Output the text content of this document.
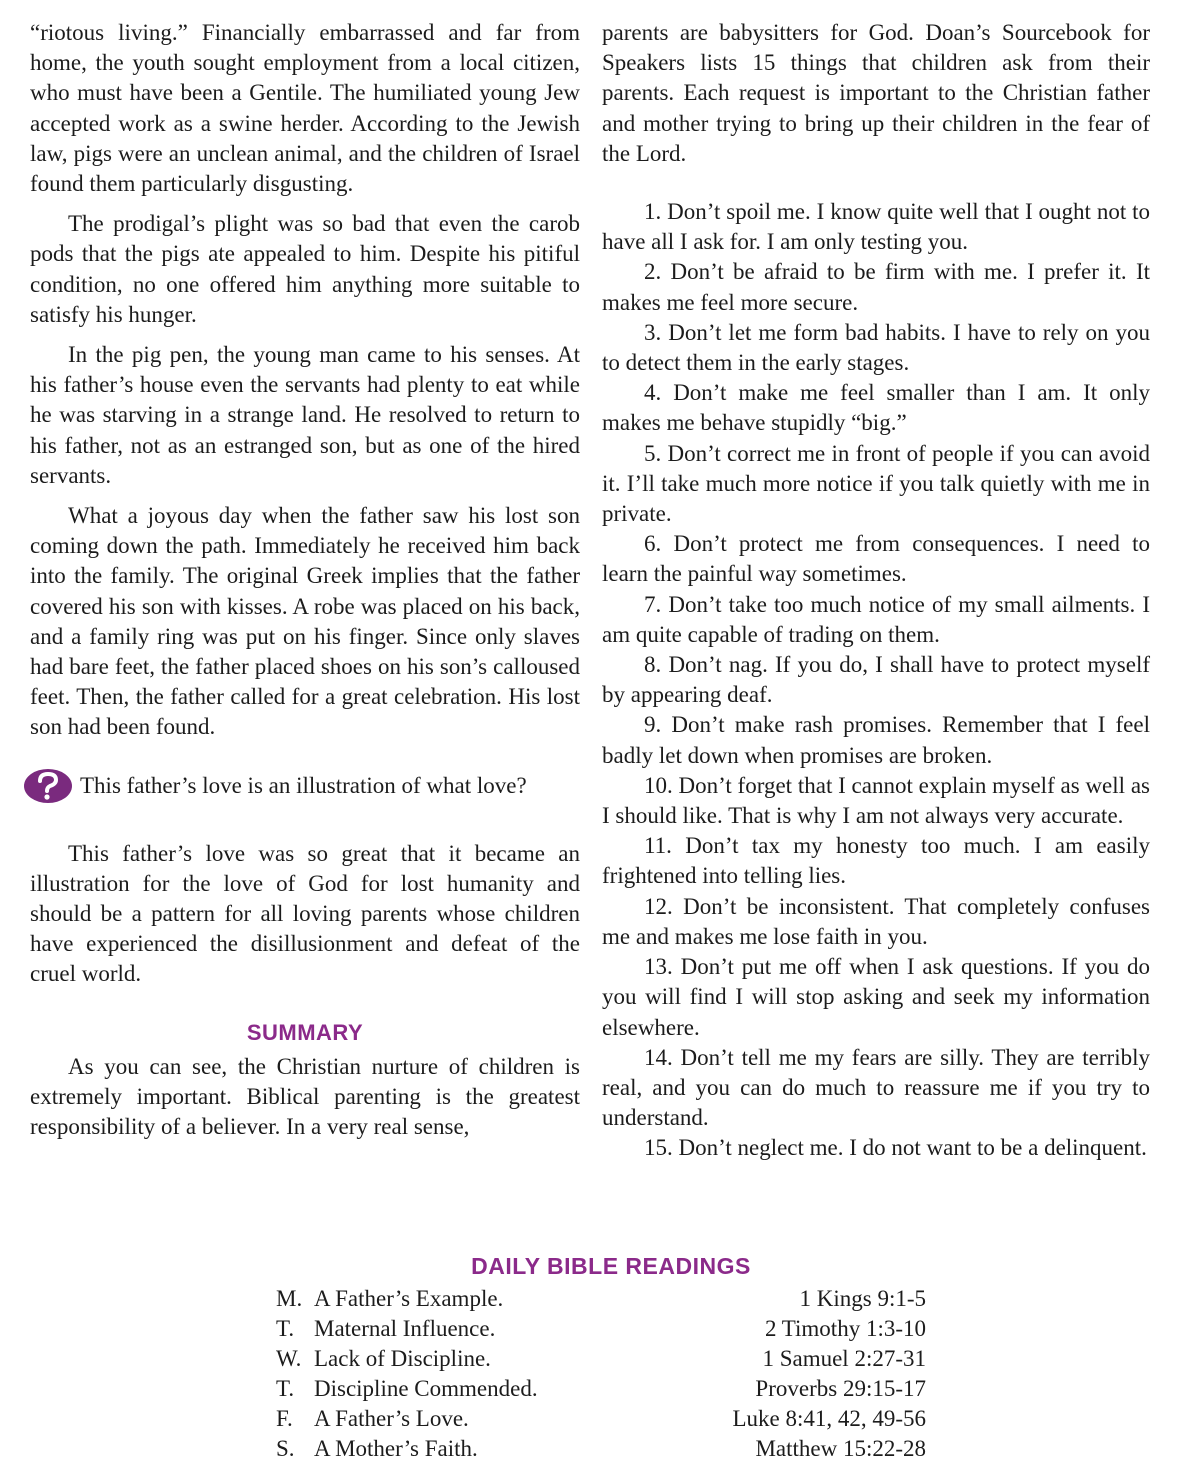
“riotous living.” Financially embarrassed and far from home, the youth sought employment from a local citizen, who must have been a Gentile. The humiliated young Jew accepted work as a swine herder. According to the Jewish law, pigs were an unclean animal, and the children of Israel found them particularly disgusting.

The prodigal’s plight was so bad that even the carob pods that the pigs ate appealed to him. Despite his pitiful condition, no one offered him anything more suitable to satisfy his hunger.

In the pig pen, the young man came to his senses. At his father’s house even the servants had plenty to eat while he was starving in a strange land. He resolved to return to his father, not as an estranged son, but as one of the hired servants.

What a joyous day when the father saw his lost son coming down the path. Immediately he received him back into the family. The original Greek implies that the father covered his son with kisses. A robe was placed on his back, and a family ring was put on his finger. Since only slaves had bare feet, the father placed shoes on his son’s calloused feet. Then, the father called for a great celebration. His lost son had been found.

This father’s love is an illustration of what love?

This father’s love was so great that it became an illustration for the love of God for lost humanity and should be a pattern for all loving parents whose children have experienced the disillusionment and defeat of the cruel world.

SUMMARY

As you can see, the Christian nurture of children is extremely important. Biblical parenting is the greatest responsibility of a believer. In a very real sense,

parents are babysitters for God. Doan’s Sourcebook for Speakers lists 15 things that children ask from their parents. Each request is important to the Christian father and mother trying to bring up their children in the fear of the Lord.

1. Don’t spoil me. I know quite well that I ought not to have all I ask for. I am only testing you.

2. Don’t be afraid to be firm with me. I prefer it. It makes me feel more secure.

3. Don’t let me form bad habits. I have to rely on you to detect them in the early stages.

4. Don’t make me feel smaller than I am. It only makes me behave stupidly “big.”

5. Don’t correct me in front of people if you can avoid it. I’ll take much more notice if you talk quietly with me in private.

6. Don’t protect me from consequences. I need to learn the painful way sometimes.

7. Don’t take too much notice of my small ailments. I am quite capable of trading on them.

8. Don’t nag. If you do, I shall have to protect myself by appearing deaf.

9. Don’t make rash promises. Remember that I feel badly let down when promises are broken.

10. Don’t forget that I cannot explain myself as well as I should like. That is why I am not always very accurate.

11. Don’t tax my honesty too much. I am easily frightened into telling lies.

12. Don’t be inconsistent. That completely confuses me and makes me lose faith in you.

13. Don’t put me off when I ask questions. If you do you will find I will stop asking and seek my information elsewhere.

14. Don’t tell me my fears are silly. They are terribly real, and you can do much to reassure me if you try to understand.

15. Don’t neglect me. I do not want to be a delinquent.

DAILY BIBLE READINGS
M. A Father’s Example.	1 Kings 9:1-5
T. Maternal Influence.	2 Timothy 1:3-10
W. Lack of Discipline.	1 Samuel 2:27-31
T. Discipline Commended.	Proverbs 29:15-17
F. A Father’s Love.	Luke 8:41, 42, 49-56
S. A Mother’s Faith.	Matthew 15:22-28
